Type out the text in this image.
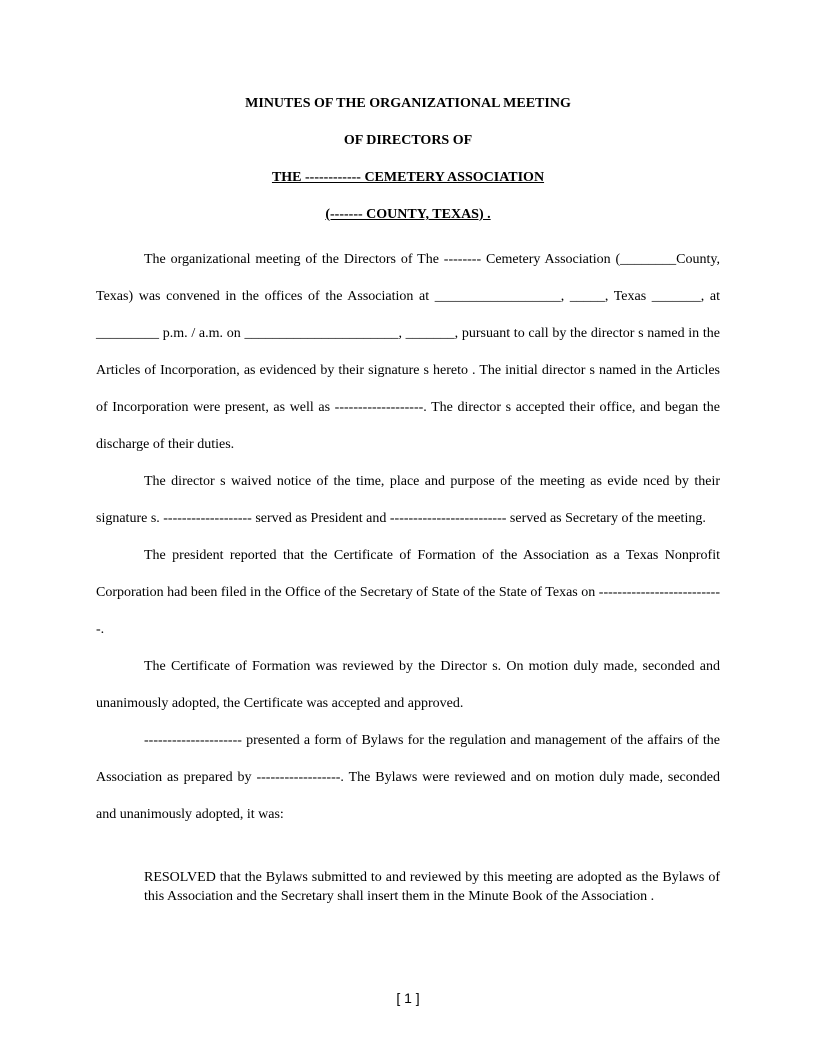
MINUTES OF THE ORGANIZATIONAL MEETING

OF DIRECTORS OF

THE ------------ CEMETERY ASSOCIATION

(------- COUNTY, TEXAS) .

The organizational meeting of the Directors of The -------- Cemetery Association (________County, Texas) was convened in the offices of the Association at __________________, _____, Texas _______, at _________ p.m. / a.m. on ______________________, _______, pursuant to call by the director s named in the Articles of Incorporation, as evidenced by their signature s hereto . The initial director s named in the Articles of Incorporation were present, as well as -------------------. The director s accepted their office, and began the discharge of their duties.

The director s waived notice of the time, place and purpose of the meeting as evide nced by their signature s. ------------------- served as President and ------------------------- served as Secretary of the meeting.

The president reported that the Certificate of Formation of the Association as a Texas Nonprofit Corporation had been filed in the Office of the Secretary of State of the State of Texas on ---------------------------.

The Certificate of Formation was reviewed by the Director s. On motion duly made, seconded and unanimously adopted, the Certificate was accepted and approved.

--------------------- presented a form of Bylaws for the regulation and management of the affairs of the Association as prepared by ------------------. The Bylaws were reviewed and on motion duly made, seconded and unanimously adopted, it was:

RESOLVED that the Bylaws submitted to and reviewed by this meeting are adopted as the Bylaws of this Association and the Secretary shall insert them in the Minute Book of the Association .

[ 1 ]
